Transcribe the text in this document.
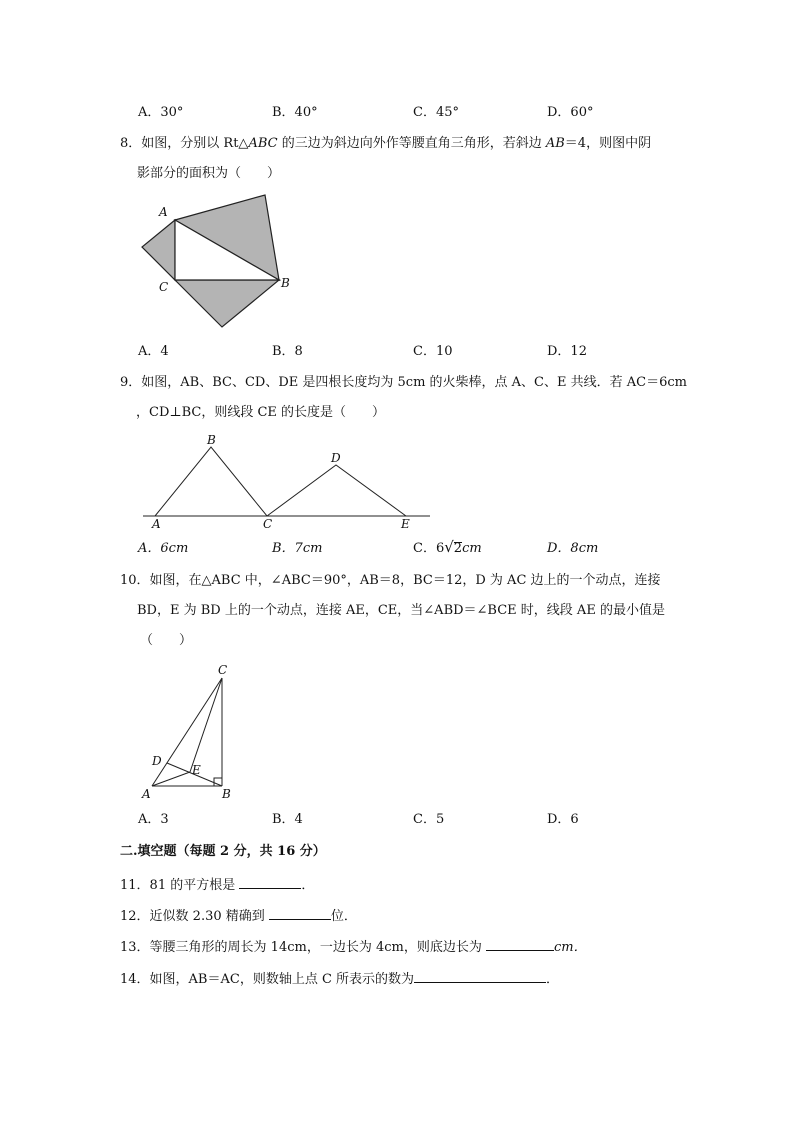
A．30°	B．40°	C．45°	D．60°
8．如图，分别以 Rt△ABC 的三边为斜边向外作等腰直角三角形，若斜边 AB＝4，则图中阴
影部分的面积为（　　）
A
B
C
A．4	B．8	C．10	D．12
9．如图，AB、BC、CD、DE 是四根长度均为 5cm 的火柴棒，点 A、C、E 共线．若 AC＝6cm
，CD⊥BC，则线段 CE 的长度是（　　）
A
B
C
D
E
A．6cm	B．7cm	C．6√2cm	D．8cm
10．如图，在△ABC 中，∠ABC＝90°，AB＝8，BC＝12，D 为 AC 边上的一个动点，连接
BD，E 为 BD 上的一个动点，连接 AE，CE，当∠ABD＝∠BCE 时，线段 AE 的最小值是
（　　）
C
D
E
A	B
A．3	B．4	C．5	D．6
二.填空题（每题 2 分，共 16 分）
11．81 的平方根是	．
12．近似数 2.30 精确到	位．
13．等腰三角形的周长为 14cm，一边长为 4cm，则底边长为	cm．
14．如图，AB＝AC，则数轴上点 C 所表示的数为	．
